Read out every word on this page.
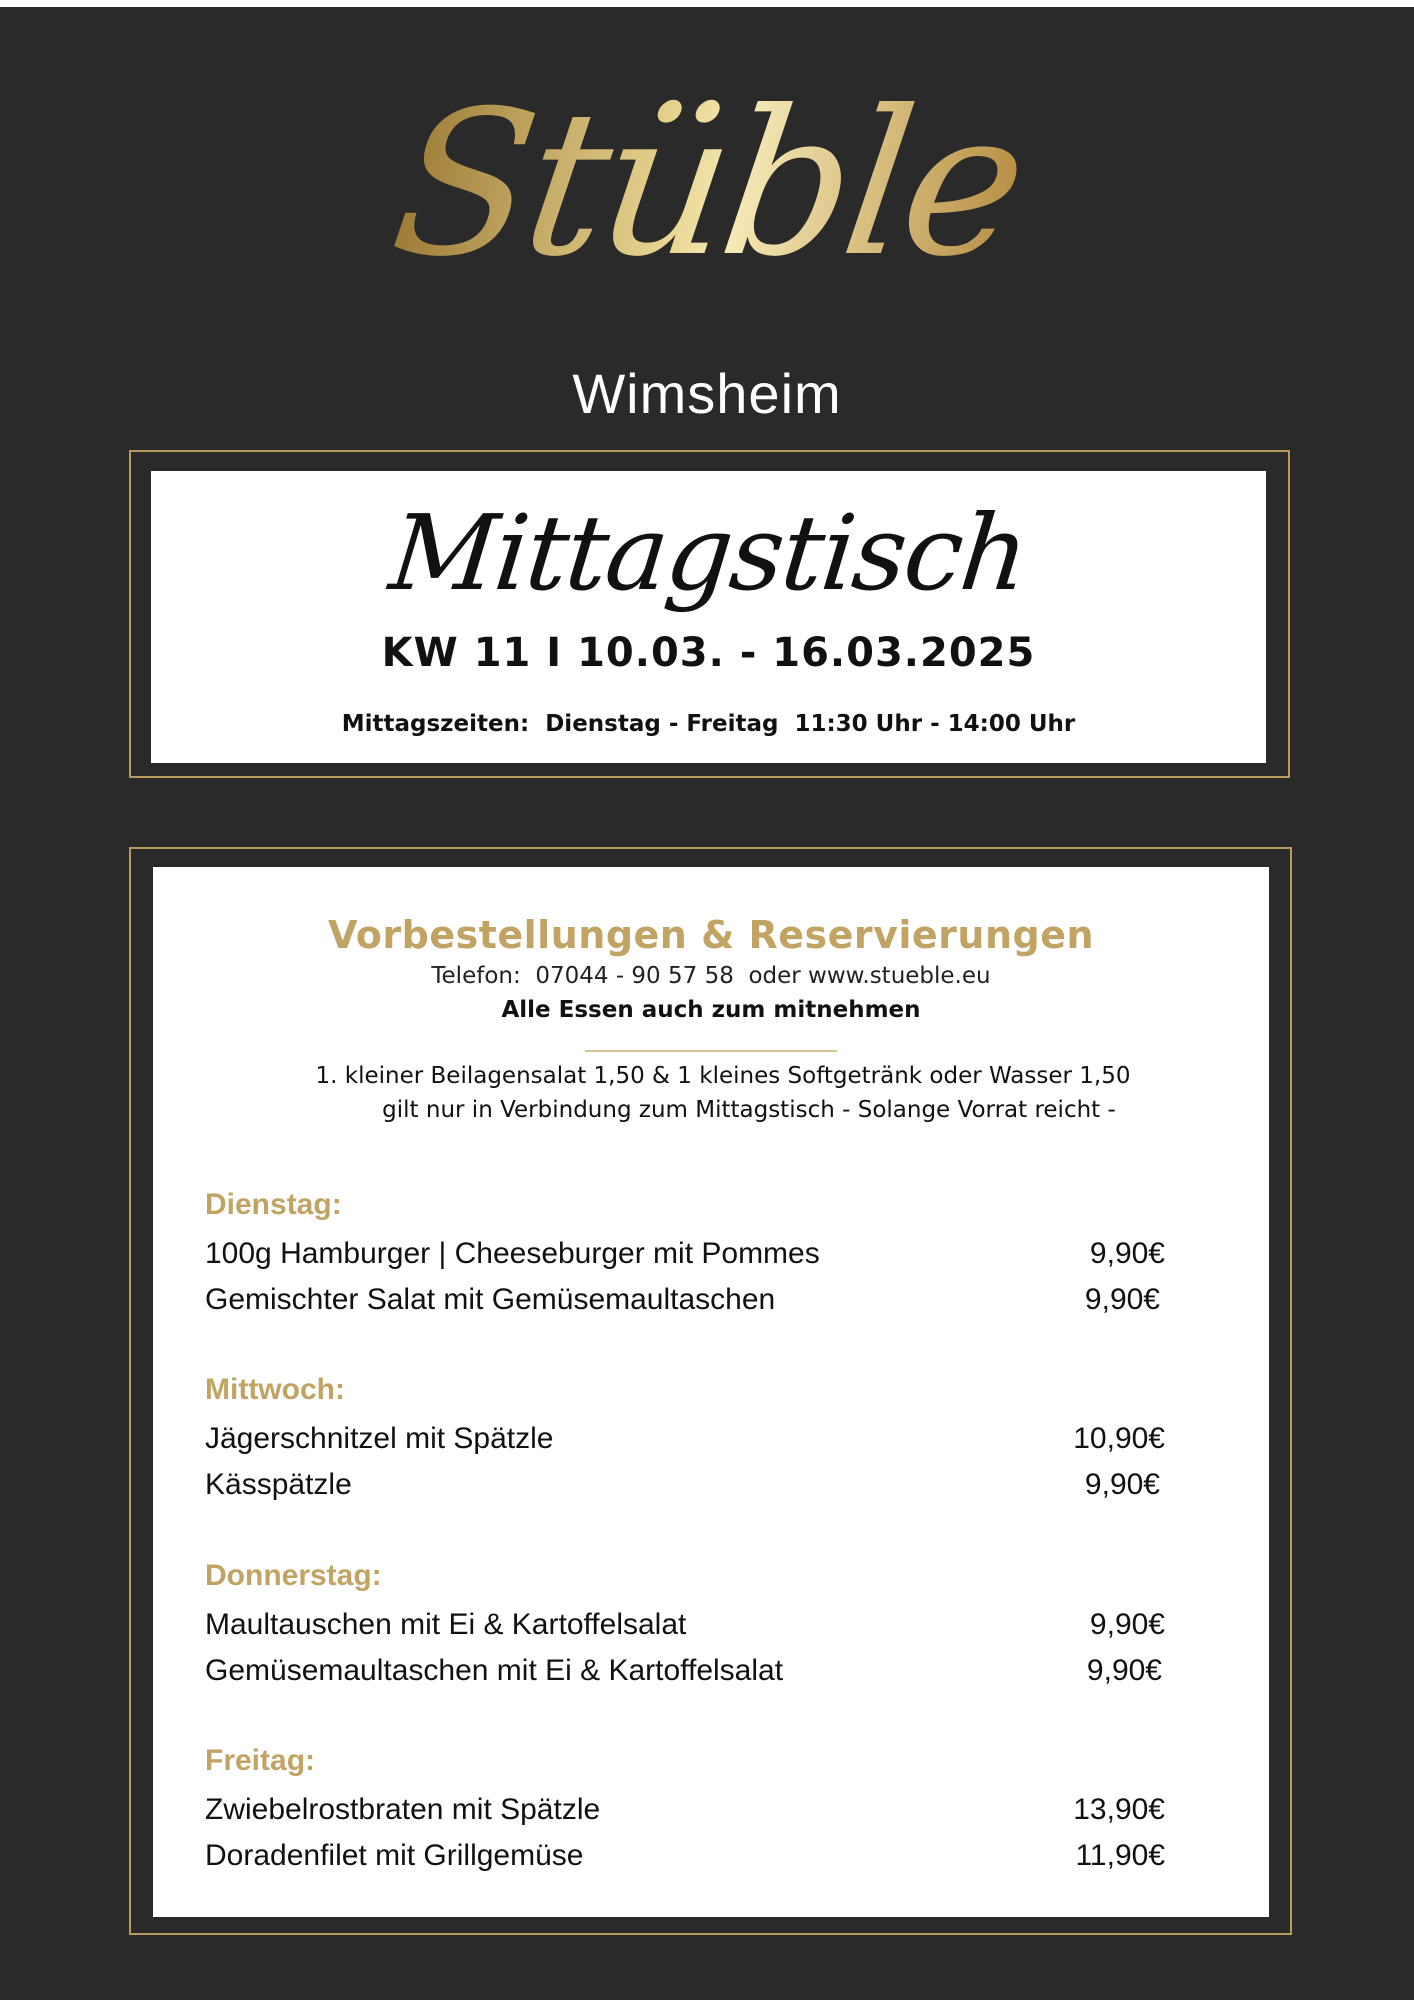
Stüble
Wimsheim
Mittagstisch
KW 11 I 10.03. - 16.03.2025
Mittagszeiten:  Dienstag - Freitag  11:30 Uhr - 14:00 Uhr
Vorbestellungen & Reservierungen
Telefon:  07044 - 90 57 58  oder www.stueble.eu
Alle Essen auch zum mitnehmen
1. kleiner Beilagensalat 1,50 & 1 kleines Softgetränk oder Wasser 1,50
gilt nur in Verbindung zum Mittagstisch - Solange Vorrat reicht -
Dienstag:
100g Hamburger | Cheeseburger mit Pommes	9,90€
Gemischter Salat mit Gemüsemaultaschen	9,90€
Mittwoch:
Jägerschnitzel mit Spätzle	10,90€
Kässpätzle	9,90€
Donnerstag:
Maultauschen mit Ei & Kartoffelsalat	9,90€
Gemüsemaultaschen mit Ei & Kartoffelsalat	9,90€
Freitag:
Zwiebelrostbraten mit Spätzle	13,90€
Doradenfilet mit Grillgemüse	11,90€
